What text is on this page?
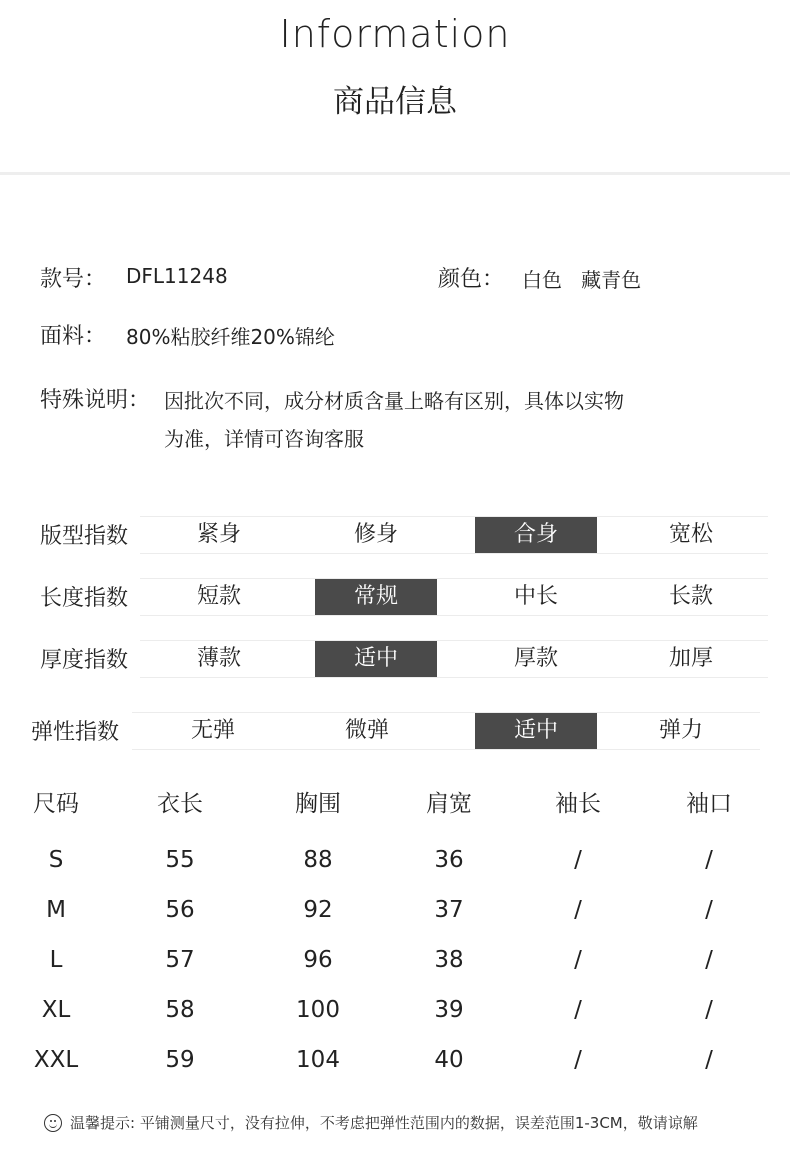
Information
商品信息
款号： DFL11248	颜色： 白色   藏青色
面料： 80%粘胶纤维20%锦纶
特殊说明： 因批次不同，成分材质含量上略有区别，具体以实物
为准，详情可咨询客服
版型指数	紧身	修身	合身	宽松
长度指数	短款	常规	中长	长款
厚度指数	薄款	适中	厚款	加厚
弹性指数	无弹	微弹	适中	弹力
尺码	衣长	胸围	肩宽	袖长	袖口
S	55	88	36	/	/
M	56	92	37	/	/
L	57	96	38	/	/
XL	58	100	39	/	/
XXL	59	104	40	/	/
温馨提示: 平铺测量尺寸，没有拉伸，不考虑把弹性范围内的数据，误差范围1-3CM，敬请谅解
